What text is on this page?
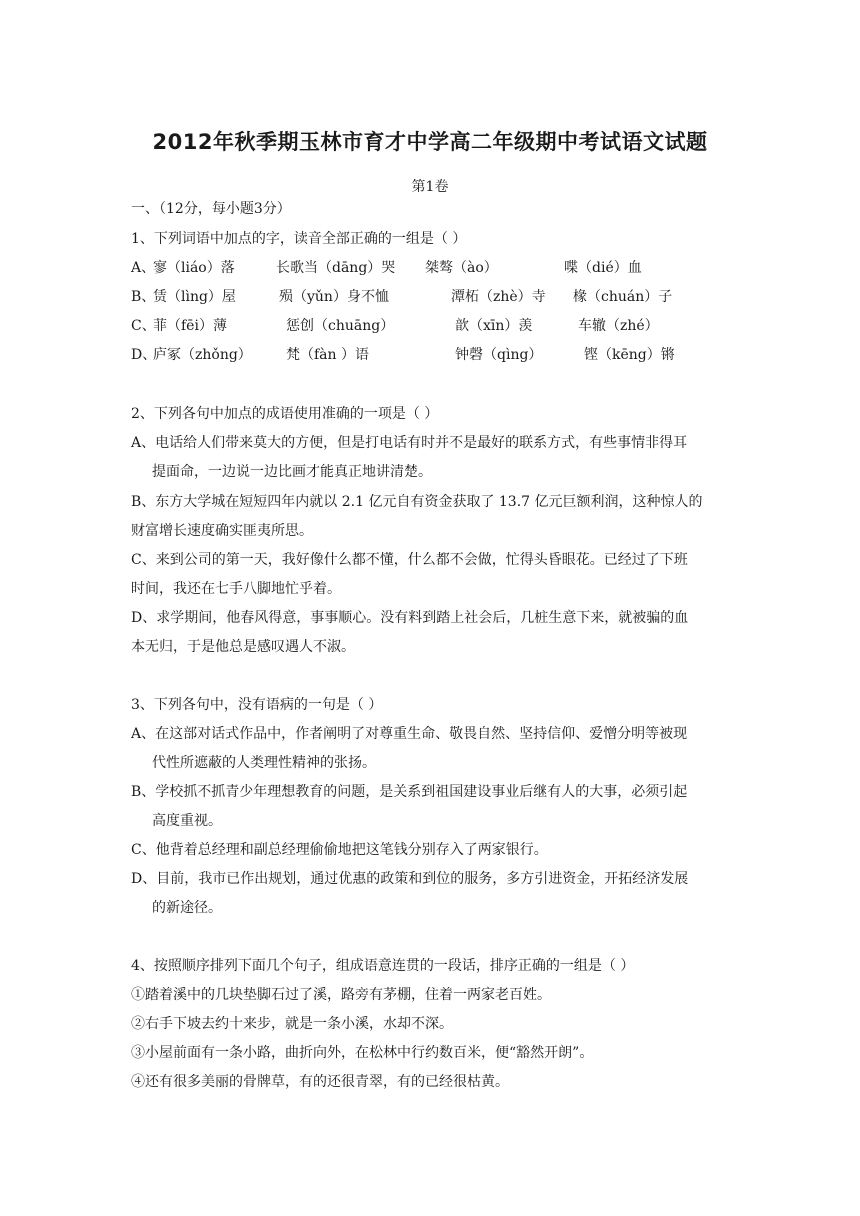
2012年秋季期玉林市育才中学高二年级期中考试语文试题
第1卷
一、（12分，每小题3分）
1、下列词语中加点的字，读音全部正确的一组是（ ）
A、
寥（liáo）落	长歌当（dāng）哭 桀骜（ào）	喋（dié）血
B、
赁（lìng）屋	殒（yǔn）身不恤	潭柘（zhè）寺 椽（chuán）子
C、
菲（fēi）薄	惩创（chuāng）	歆（xīn）羡	车辙（zhé）
D、
庐冢（zhǒng） 梵（fàn ）语	钟磬（qìng）	铿（kēng）锵
2、下列各句中加点的成语使用准确的一项是（ ）
A、电话给人们带来莫大的方便，但是打电话有时并不是最好的联系方式，有些事情非得耳
提面命，一边说一边比画才能真正地讲清楚。
B、东方大学城在短短四年内就以 2.1 亿元自有资金获取了 13.7 亿元巨额利润，这种惊人的
财富增长速度确实匪夷所思。
C、来到公司的第一天，我好像什么都不懂，什么都不会做，忙得头昏眼花。已经过了下班
时间，我还在七手八脚地忙乎着。
D、求学期间，他春风得意，事事顺心。没有料到踏上社会后，几桩生意下来，就被骗的血
本无归，于是他总是感叹遇人不淑。
3、下列各句中，没有语病的一句是（ ）
A、在这部对话式作品中，作者阐明了对尊重生命、敬畏自然、坚持信仰、爱憎分明等被现
代性所遮蔽的人类理性精神的张扬。
B、学校抓不抓青少年理想教育的问题，是关系到祖国建设事业后继有人的大事，必须引起
高度重视。
C、他背着总经理和副总经理偷偷地把这笔钱分别存入了两家银行。
D、目前，我市已作出规划，通过优惠的政策和到位的服务，多方引进资金，开拓经济发展
的新途径。
4、按照顺序排列下面几个句子，组成语意连贯的一段话，排序正确的一组是（ ）
①踏着溪中的几块垫脚石过了溪，路旁有茅棚，住着一两家老百姓。
②右手下坡去约十来步，就是一条小溪，水却不深。
③小屋前面有一条小路，曲折向外，在松林中行约数百米，便“豁然开朗”。
④还有很多美丽的骨牌草，有的还很青翠，有的已经很枯黄。
